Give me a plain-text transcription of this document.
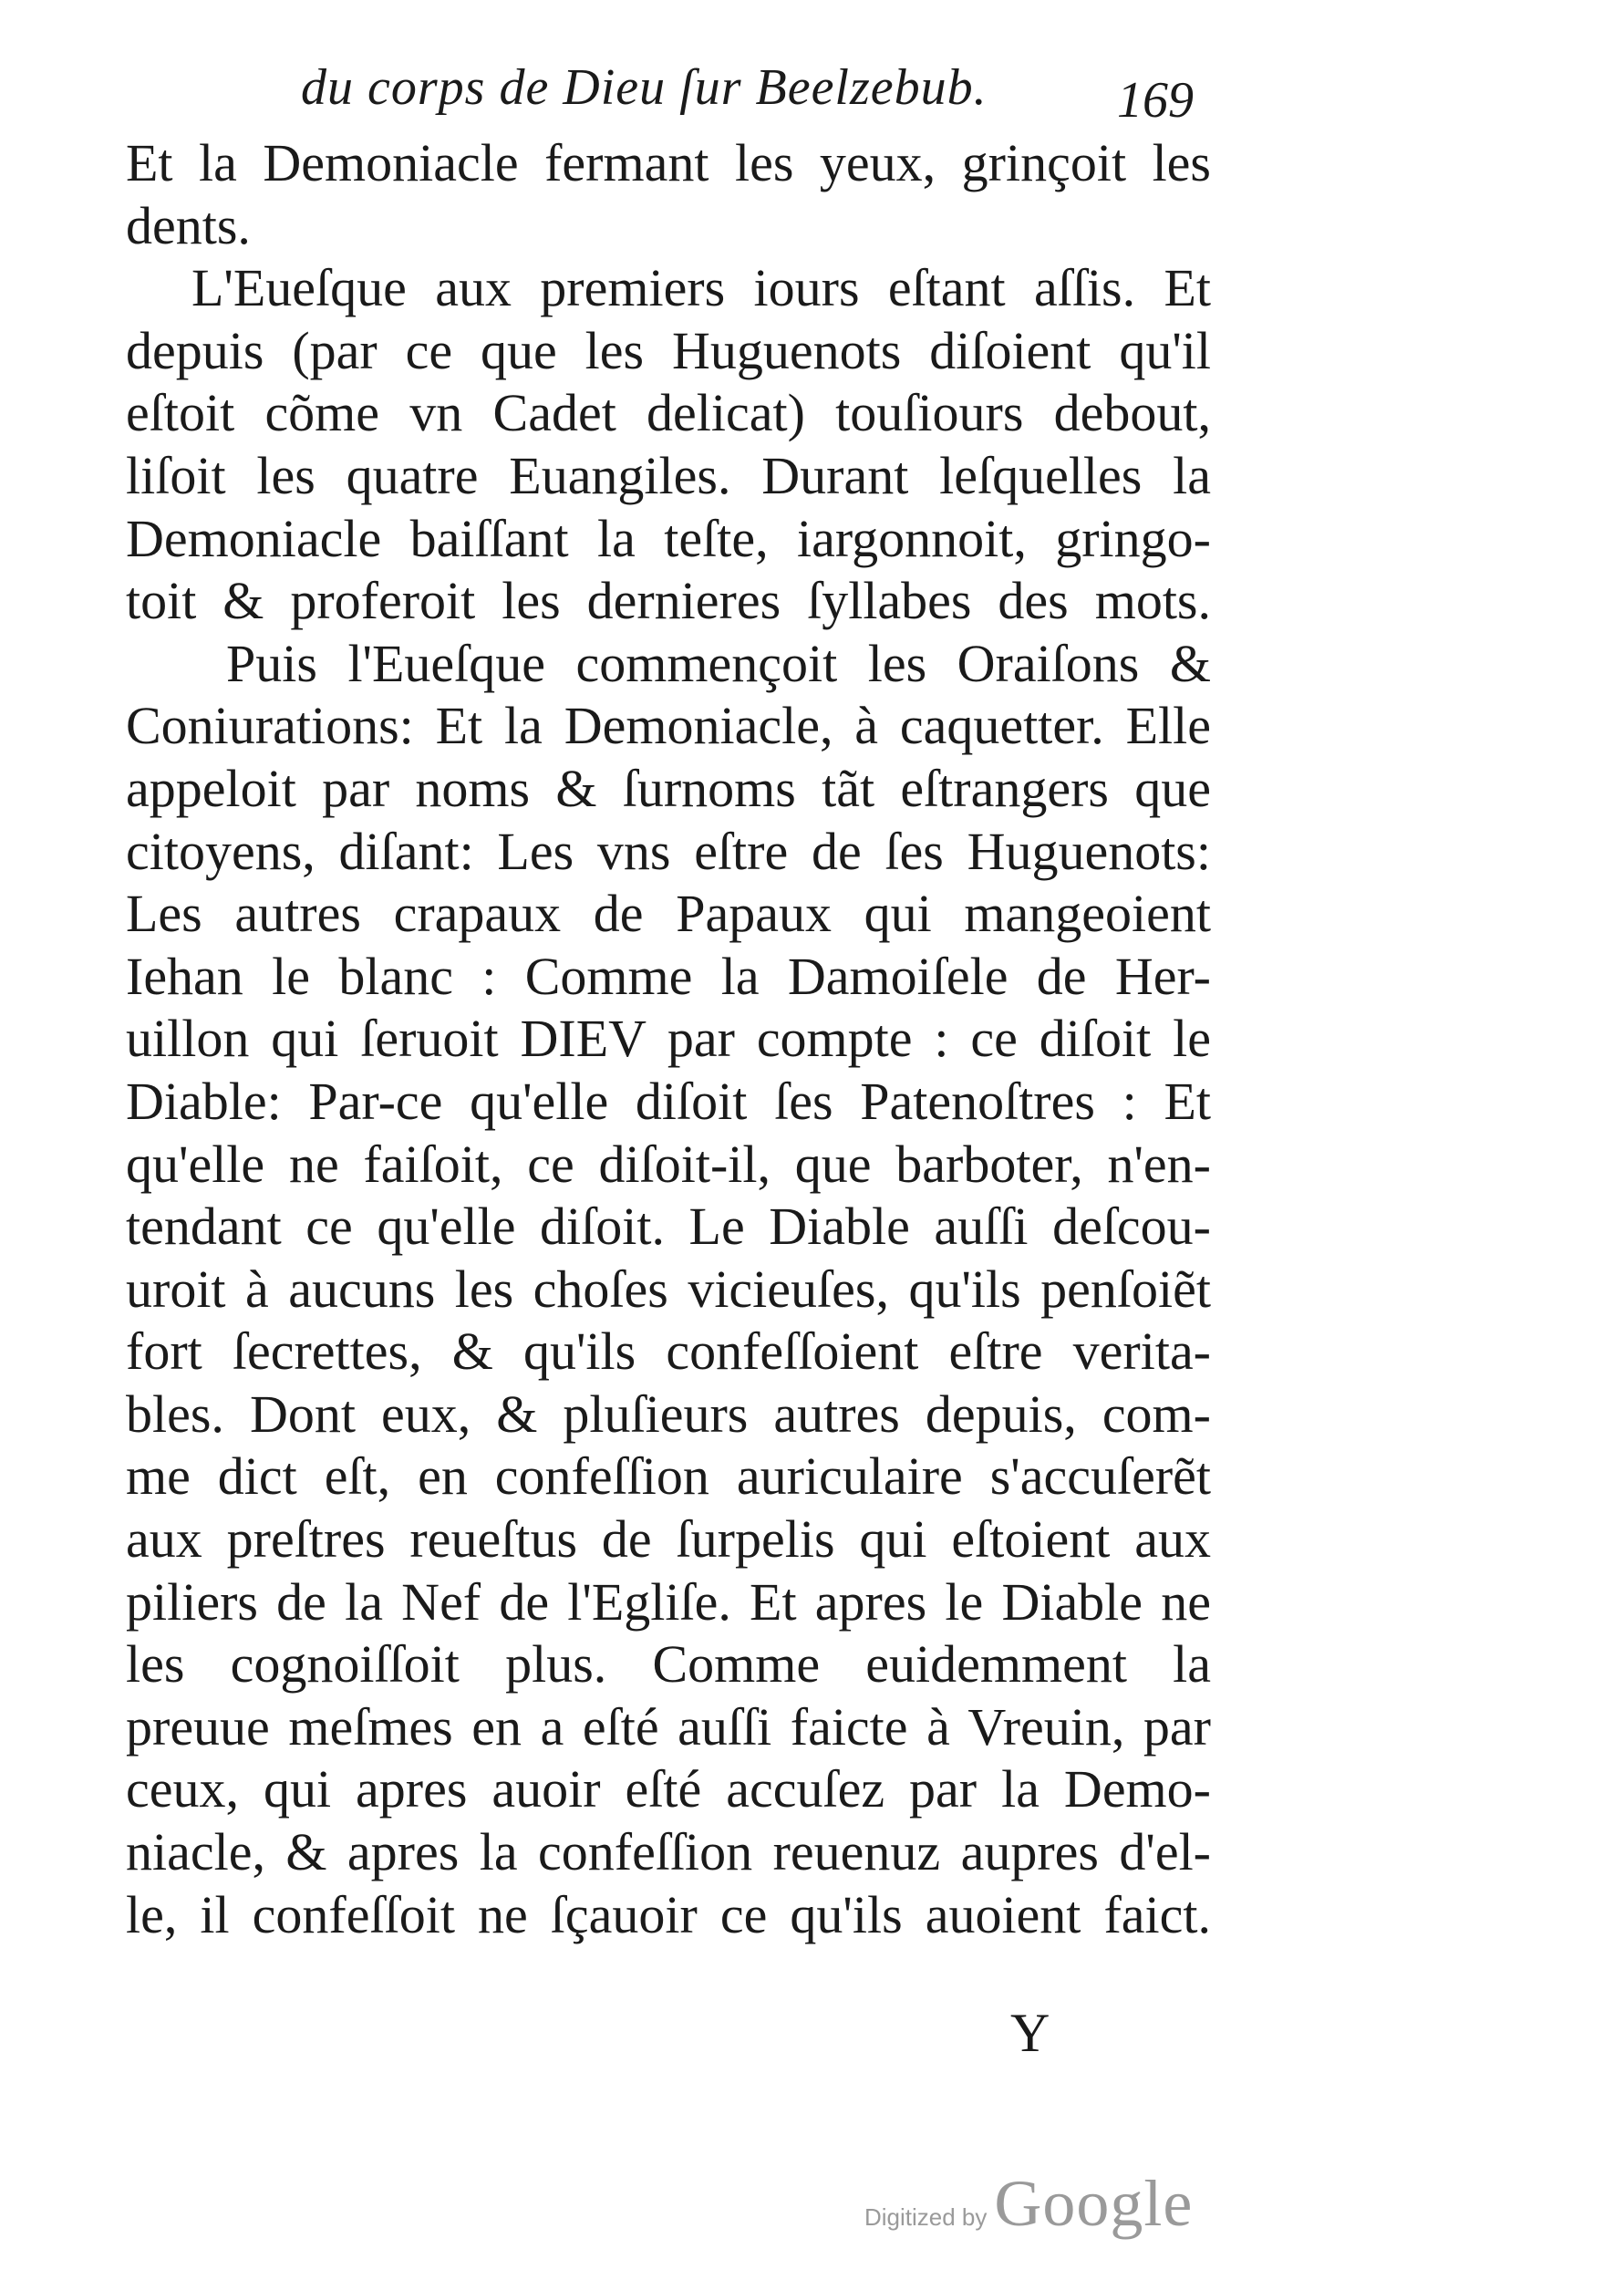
du corps de Dieu ſur Beelzebub.	169
Et la Demoniacle fermant les yeux, grinçoit les
dents.
L'Eueſque aux premiers iours eſtant aſſis. Et
depuis (par ce que les Huguenots diſoient qu'il
eſtoit cõme vn Cadet delicat) touſiours debout,
liſoit les quatre Euangiles. Durant leſquelles la
Demoniacle baiſſant la teſte, iargonnoit, gringo-
toit & proferoit les dernieres ſyllabes des mots.
Puis l'Eueſque commençoit les Oraiſons &
Coniurations: Et la Demoniacle, à caquetter. Elle
appeloit par noms & ſurnoms tãt eſtrangers que
citoyens, diſant: Les vns eſtre de ſes Huguenots:
Les autres crapaux de Papaux qui mangeoient
Iehan le blanc : Comme la Damoiſele de Her-
uillon qui ſeruoit DIEV par compte : ce diſoit le
Diable: Par-ce qu'elle diſoit ſes Patenoſtres : Et
qu'elle ne faiſoit, ce diſoit-il, que barboter, n'en-
tendant ce qu'elle diſoit. Le Diable auſſi deſcou-
uroit à aucuns les choſes vicieuſes, qu'ils penſoiẽt
fort ſecrettes, & qu'ils confeſſoient eſtre verita-
bles. Dont eux, & pluſieurs autres depuis, com-
me dict eſt, en confeſſion auriculaire s'accuſerẽt
aux preſtres reueſtus de ſurpelis qui eſtoient aux
piliers de la Nef de l'Egliſe. Et apres le Diable ne
les cognoiſſoit plus. Comme euidemment la
preuue meſmes en a eſté auſſi faicte à Vreuin, par
ceux, qui apres auoir eſté accuſez par la Demo-
niacle, & apres la confeſſion reuenuz aupres d'el-
le, il confeſſoit ne ſçauoir ce qu'ils auoient faict.
Y
Digitized by Google
